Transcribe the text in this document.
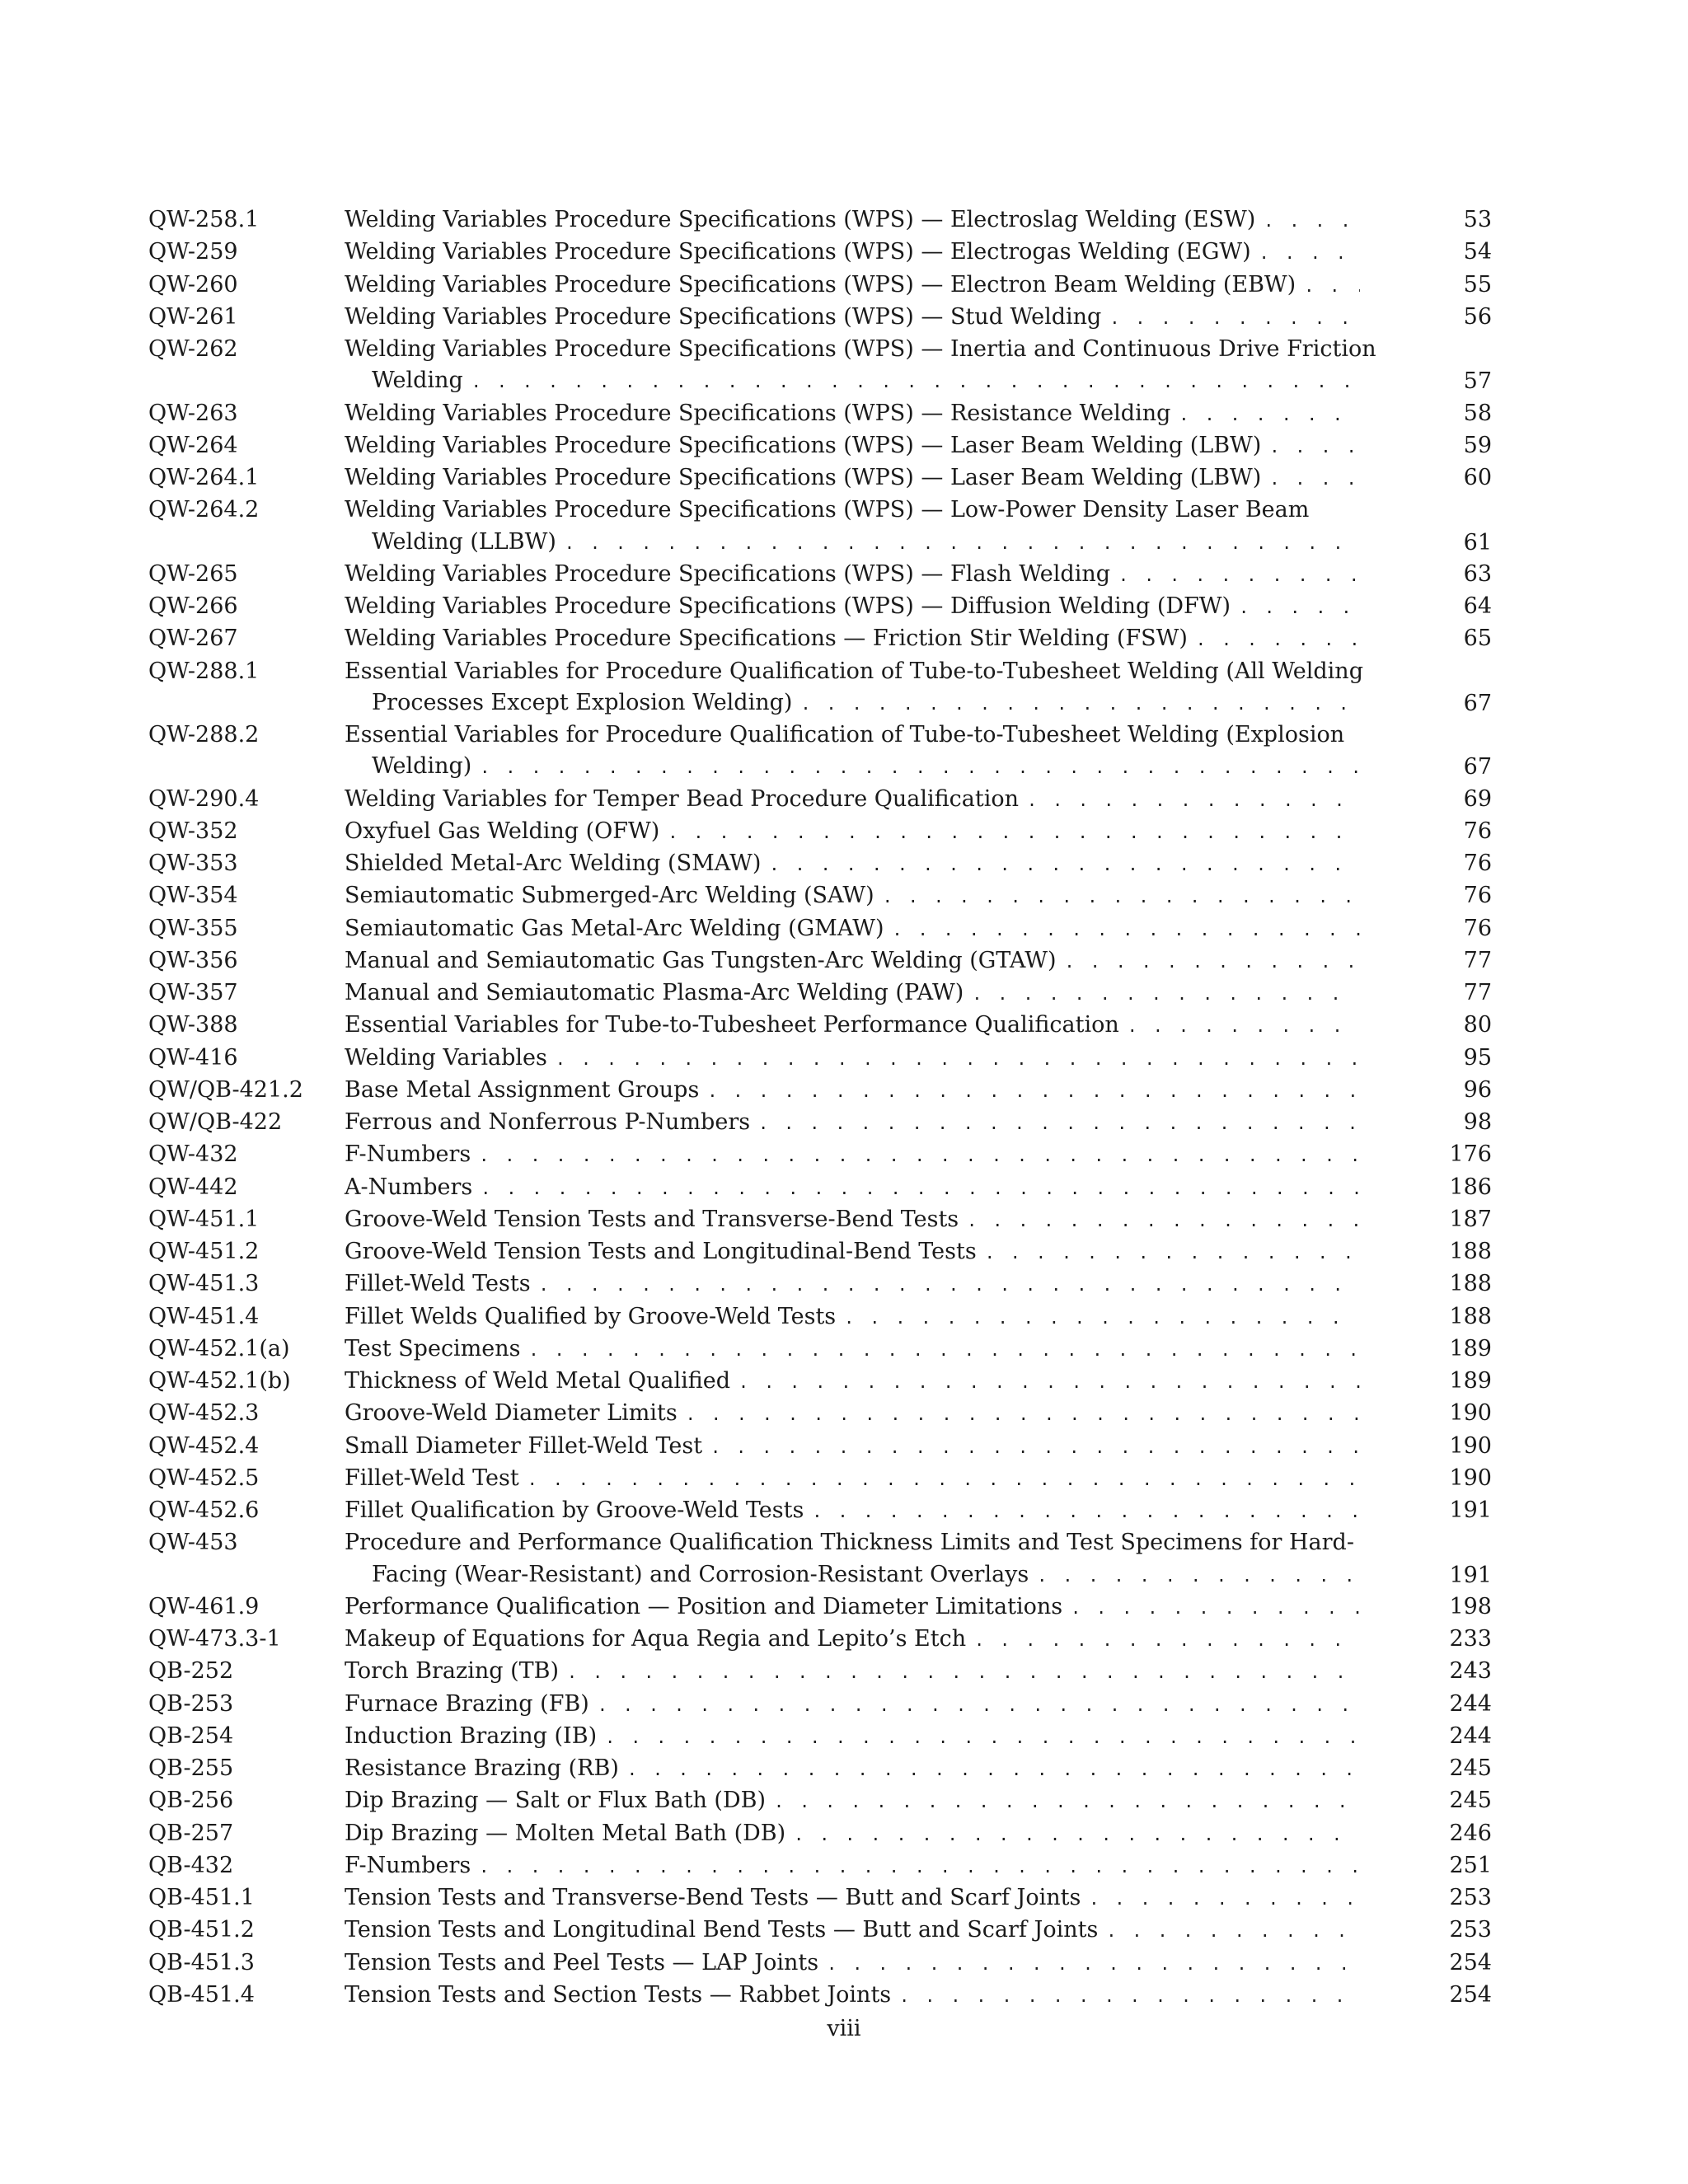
QW-258.1	Welding Variables Procedure Specifications (WPS) — Electroslag Welding (ESW) . . .	53
QW-259	Welding Variables Procedure Specifications (WPS) — Electrogas Welding (EGW) . . .	54
QW-260	Welding Variables Procedure Specifications (WPS) — Electron Beam Welding (EBW) . . .	55
QW-261	Welding Variables Procedure Specifications (WPS) — Stud Welding . . .	56
QW-262	Welding Variables Procedure Specifications (WPS) — Inertia and Continuous Drive Friction
Welding . . .	57
QW-263	Welding Variables Procedure Specifications (WPS) — Resistance Welding . . .	58
QW-264	Welding Variables Procedure Specifications (WPS) — Laser Beam Welding (LBW) . . .	59
QW-264.1	Welding Variables Procedure Specifications (WPS) — Laser Beam Welding (LBW) . . .	60
QW-264.2	Welding Variables Procedure Specifications (WPS) — Low-Power Density Laser Beam
Welding (LLBW) . . .	61
QW-265	Welding Variables Procedure Specifications (WPS) — Flash Welding . . .	63
QW-266	Welding Variables Procedure Specifications (WPS) — Diffusion Welding (DFW) . . .	64
QW-267	Welding Variables Procedure Specifications — Friction Stir Welding (FSW) . . .	65
QW-288.1	Essential Variables for Procedure Qualification of Tube-to-Tubesheet Welding (All Welding
Processes Except Explosion Welding) . . .	67
QW-288.2	Essential Variables for Procedure Qualification of Tube-to-Tubesheet Welding (Explosion
Welding) . . .	67
QW-290.4	Welding Variables for Temper Bead Procedure Qualification . . .	69
QW-352	Oxyfuel Gas Welding (OFW) . . .	76
QW-353	Shielded Metal-Arc Welding (SMAW) . . .	76
QW-354	Semiautomatic Submerged-Arc Welding (SAW) . . .	76
QW-355	Semiautomatic Gas Metal-Arc Welding (GMAW) . . .	76
QW-356	Manual and Semiautomatic Gas Tungsten-Arc Welding (GTAW) . . .	77
QW-357	Manual and Semiautomatic Plasma-Arc Welding (PAW) . . .	77
QW-388	Essential Variables for Tube-to-Tubesheet Performance Qualification . . .	80
QW-416	Welding Variables . . .	95
QW/QB-421.2	Base Metal Assignment Groups . . .	96
QW/QB-422	Ferrous and Nonferrous P-Numbers . . .	98
QW-432	F-Numbers . . .	176
QW-442	A-Numbers . . .	186
QW-451.1	Groove-Weld Tension Tests and Transverse-Bend Tests . . .	187
QW-451.2	Groove-Weld Tension Tests and Longitudinal-Bend Tests . . .	188
QW-451.3	Fillet-Weld Tests . . .	188
QW-451.4	Fillet Welds Qualified by Groove-Weld Tests . . .	188
QW-452.1(a)	Test Specimens . . .	189
QW-452.1(b)	Thickness of Weld Metal Qualified . . .	189
QW-452.3	Groove-Weld Diameter Limits . . .	190
QW-452.4	Small Diameter Fillet-Weld Test . . .	190
QW-452.5	Fillet-Weld Test . . .	190
QW-452.6	Fillet Qualification by Groove-Weld Tests . . .	191
QW-453	Procedure and Performance Qualification Thickness Limits and Test Specimens for Hard-
Facing (Wear-Resistant) and Corrosion-Resistant Overlays . . .	191
QW-461.9	Performance Qualification — Position and Diameter Limitations . . .	198
QW-473.3-1	Makeup of Equations for Aqua Regia and Lepito’s Etch . . .	233
QB-252	Torch Brazing (TB) . . .	243
QB-253	Furnace Brazing (FB) . . .	244
QB-254	Induction Brazing (IB) . . .	244
QB-255	Resistance Brazing (RB) . . .	245
QB-256	Dip Brazing — Salt or Flux Bath (DB) . . .	245
QB-257	Dip Brazing — Molten Metal Bath (DB) . . .	246
QB-432	F-Numbers . . .	251
QB-451.1	Tension Tests and Transverse-Bend Tests — Butt and Scarf Joints . . .	253
QB-451.2	Tension Tests and Longitudinal Bend Tests — Butt and Scarf Joints . . .	253
QB-451.3	Tension Tests and Peel Tests — LAP Joints . . .	254
QB-451.4	Tension Tests and Section Tests — Rabbet Joints . . .	254
viii
